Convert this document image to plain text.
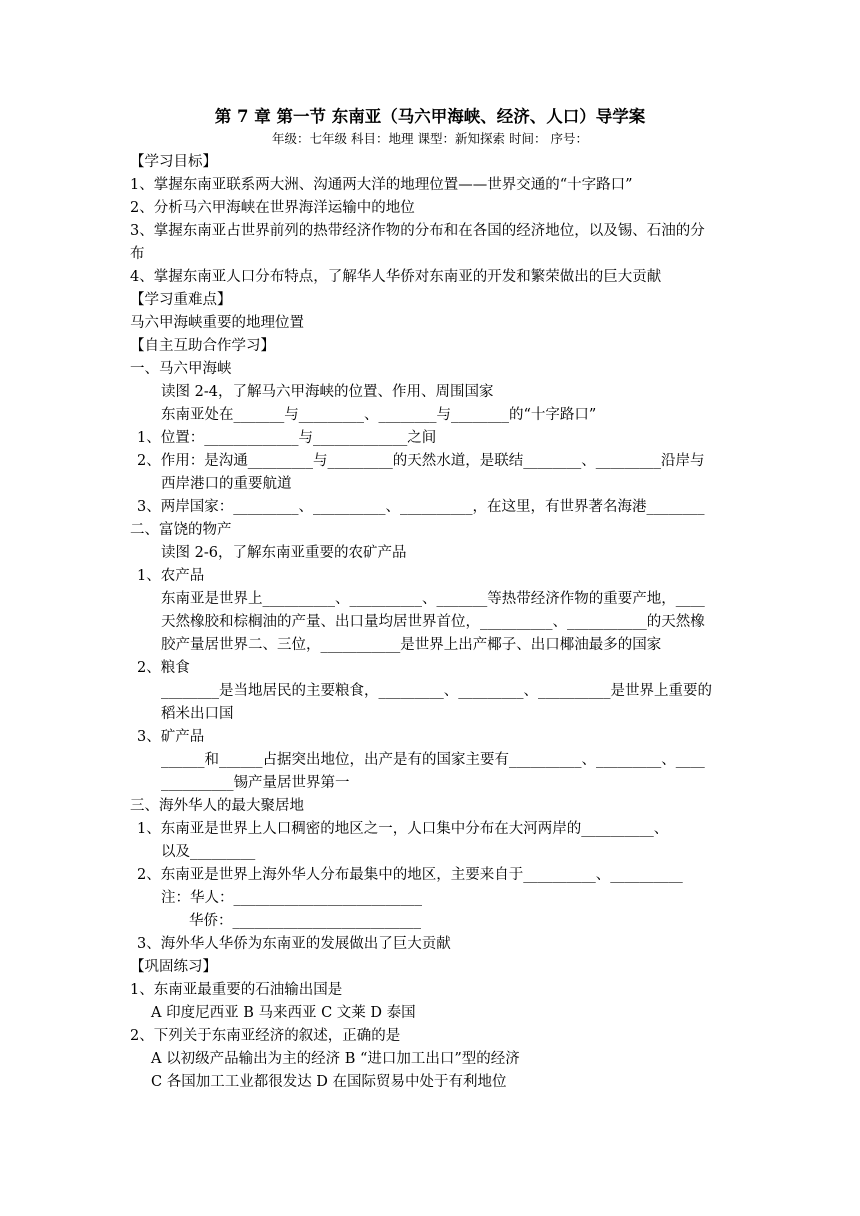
第 7 章 第一节 东南亚（马六甲海峡、经济、人口）导学案
年级：七年级 科目：地理 课型：新知探索 时间： 序号：
【学习目标】
1、掌握东南亚联系两大洲、沟通两大洋的地理位置——世界交通的“十字路口”
2、分析马六甲海峡在世界海洋运输中的地位
3、掌握东南亚占世界前列的热带经济作物的分布和在各国的经济地位，以及锡、石油的分
布
4、掌握东南亚人口分布特点，了解华人华侨对东南亚的开发和繁荣做出的巨大贡献
【学习重难点】
马六甲海峡重要的地理位置
【自主互助合作学习】
一、马六甲海峡
读图 2-4，了解马六甲海峡的位置、作用、周围国家
东南亚处在_______与_________、________与________的“十字路口”
1、位置：_____________与_____________之间
2、作用：是沟通_________与_________的天然水道，是联结________、_________沿岸与
西岸港口的重要航道
3、两岸国家：_________、__________、__________，在这里，有世界著名海港________
二、富饶的物产
读图 2-6，了解东南亚重要的农矿产品
1、农产品
东南亚是世界上__________、__________、_______等热带经济作物的重要产地，____
天然橡胶和棕榈油的产量、出口量均居世界首位，__________、___________的天然橡
胶产量居世界二、三位，___________是世界上出产椰子、出口椰油最多的国家
2、粮食
________是当地居民的主要粮食，_________、_________、__________是世界上重要的
稻米出口国
3、矿产品
______和______占据突出地位，出产是有的国家主要有__________、_________、____
__________锡产量居世界第一
三、海外华人的最大聚居地
1、东南亚是世界上人口稠密的地区之一，人口集中分布在大河两岸的__________、
以及_________
2、东南亚是世界上海外华人分布最集中的地区，主要来自于__________、__________
注：华人：__________________________
华侨：__________________________
3、海外华人华侨为东南亚的发展做出了巨大贡献
【巩固练习】
1、东南亚最重要的石油输出国是
A 印度尼西亚 B 马来西亚 C 文莱 D 泰国
2、下列关于东南亚经济的叙述，正确的是
A 以初级产品输出为主的经济 B “进口加工出口”型的经济
C 各国加工工业都很发达 D 在国际贸易中处于有利地位
